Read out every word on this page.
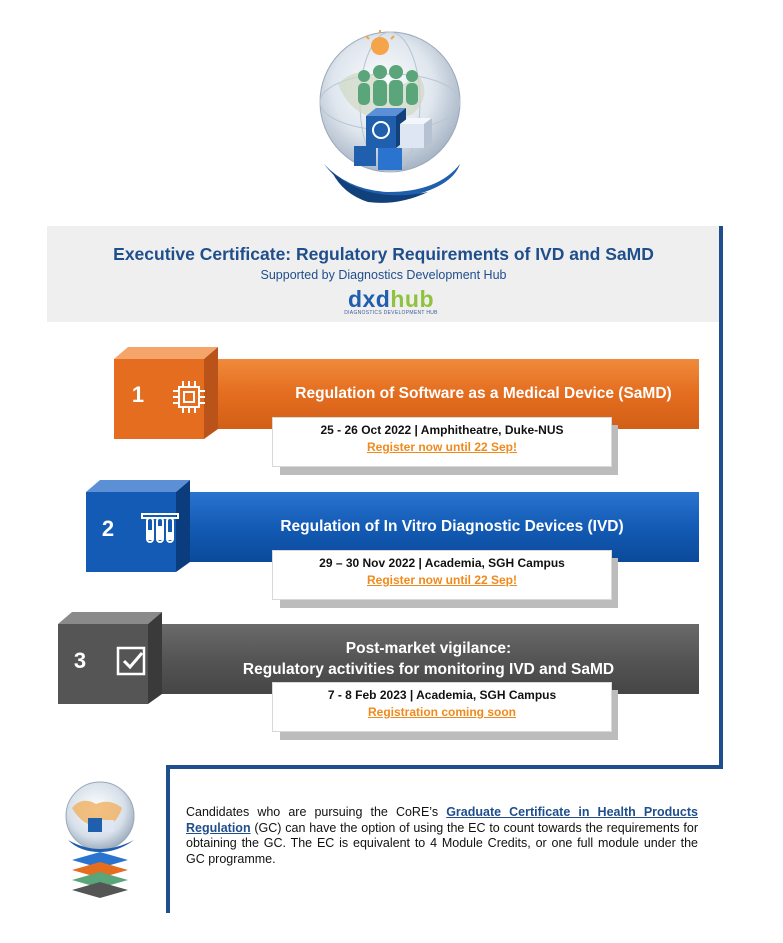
Executive Certificate: Regulatory Requirements of IVD and SaMD
Supported by Diagnostics Development Hub
dxdhub
DIAGNOSTICS DEVELOPMENT HUB
Regulation of Software as a Medical Device (SaMD)
1
25 - 26 Oct 2022 | Amphitheatre, Duke-NUS
Register now until 22 Sep!
Regulation of In Vitro Diagnostic Devices (IVD)
2
29 – 30 Nov 2022 | Academia, SGH Campus
Register now until 22 Sep!
Post-market vigilance:
Regulatory activities for monitoring IVD and SaMD
3
7 - 8 Feb 2023 | Academia, SGH Campus
Registration coming soon
Candidates who are pursuing the CoRE’s Graduate Certificate in Health Products Regulation (GC) can have the option of using the EC to count towards the requirements for obtaining the GC. The EC is equivalent to 4 Module Credits, or one full module under the GC programme.
